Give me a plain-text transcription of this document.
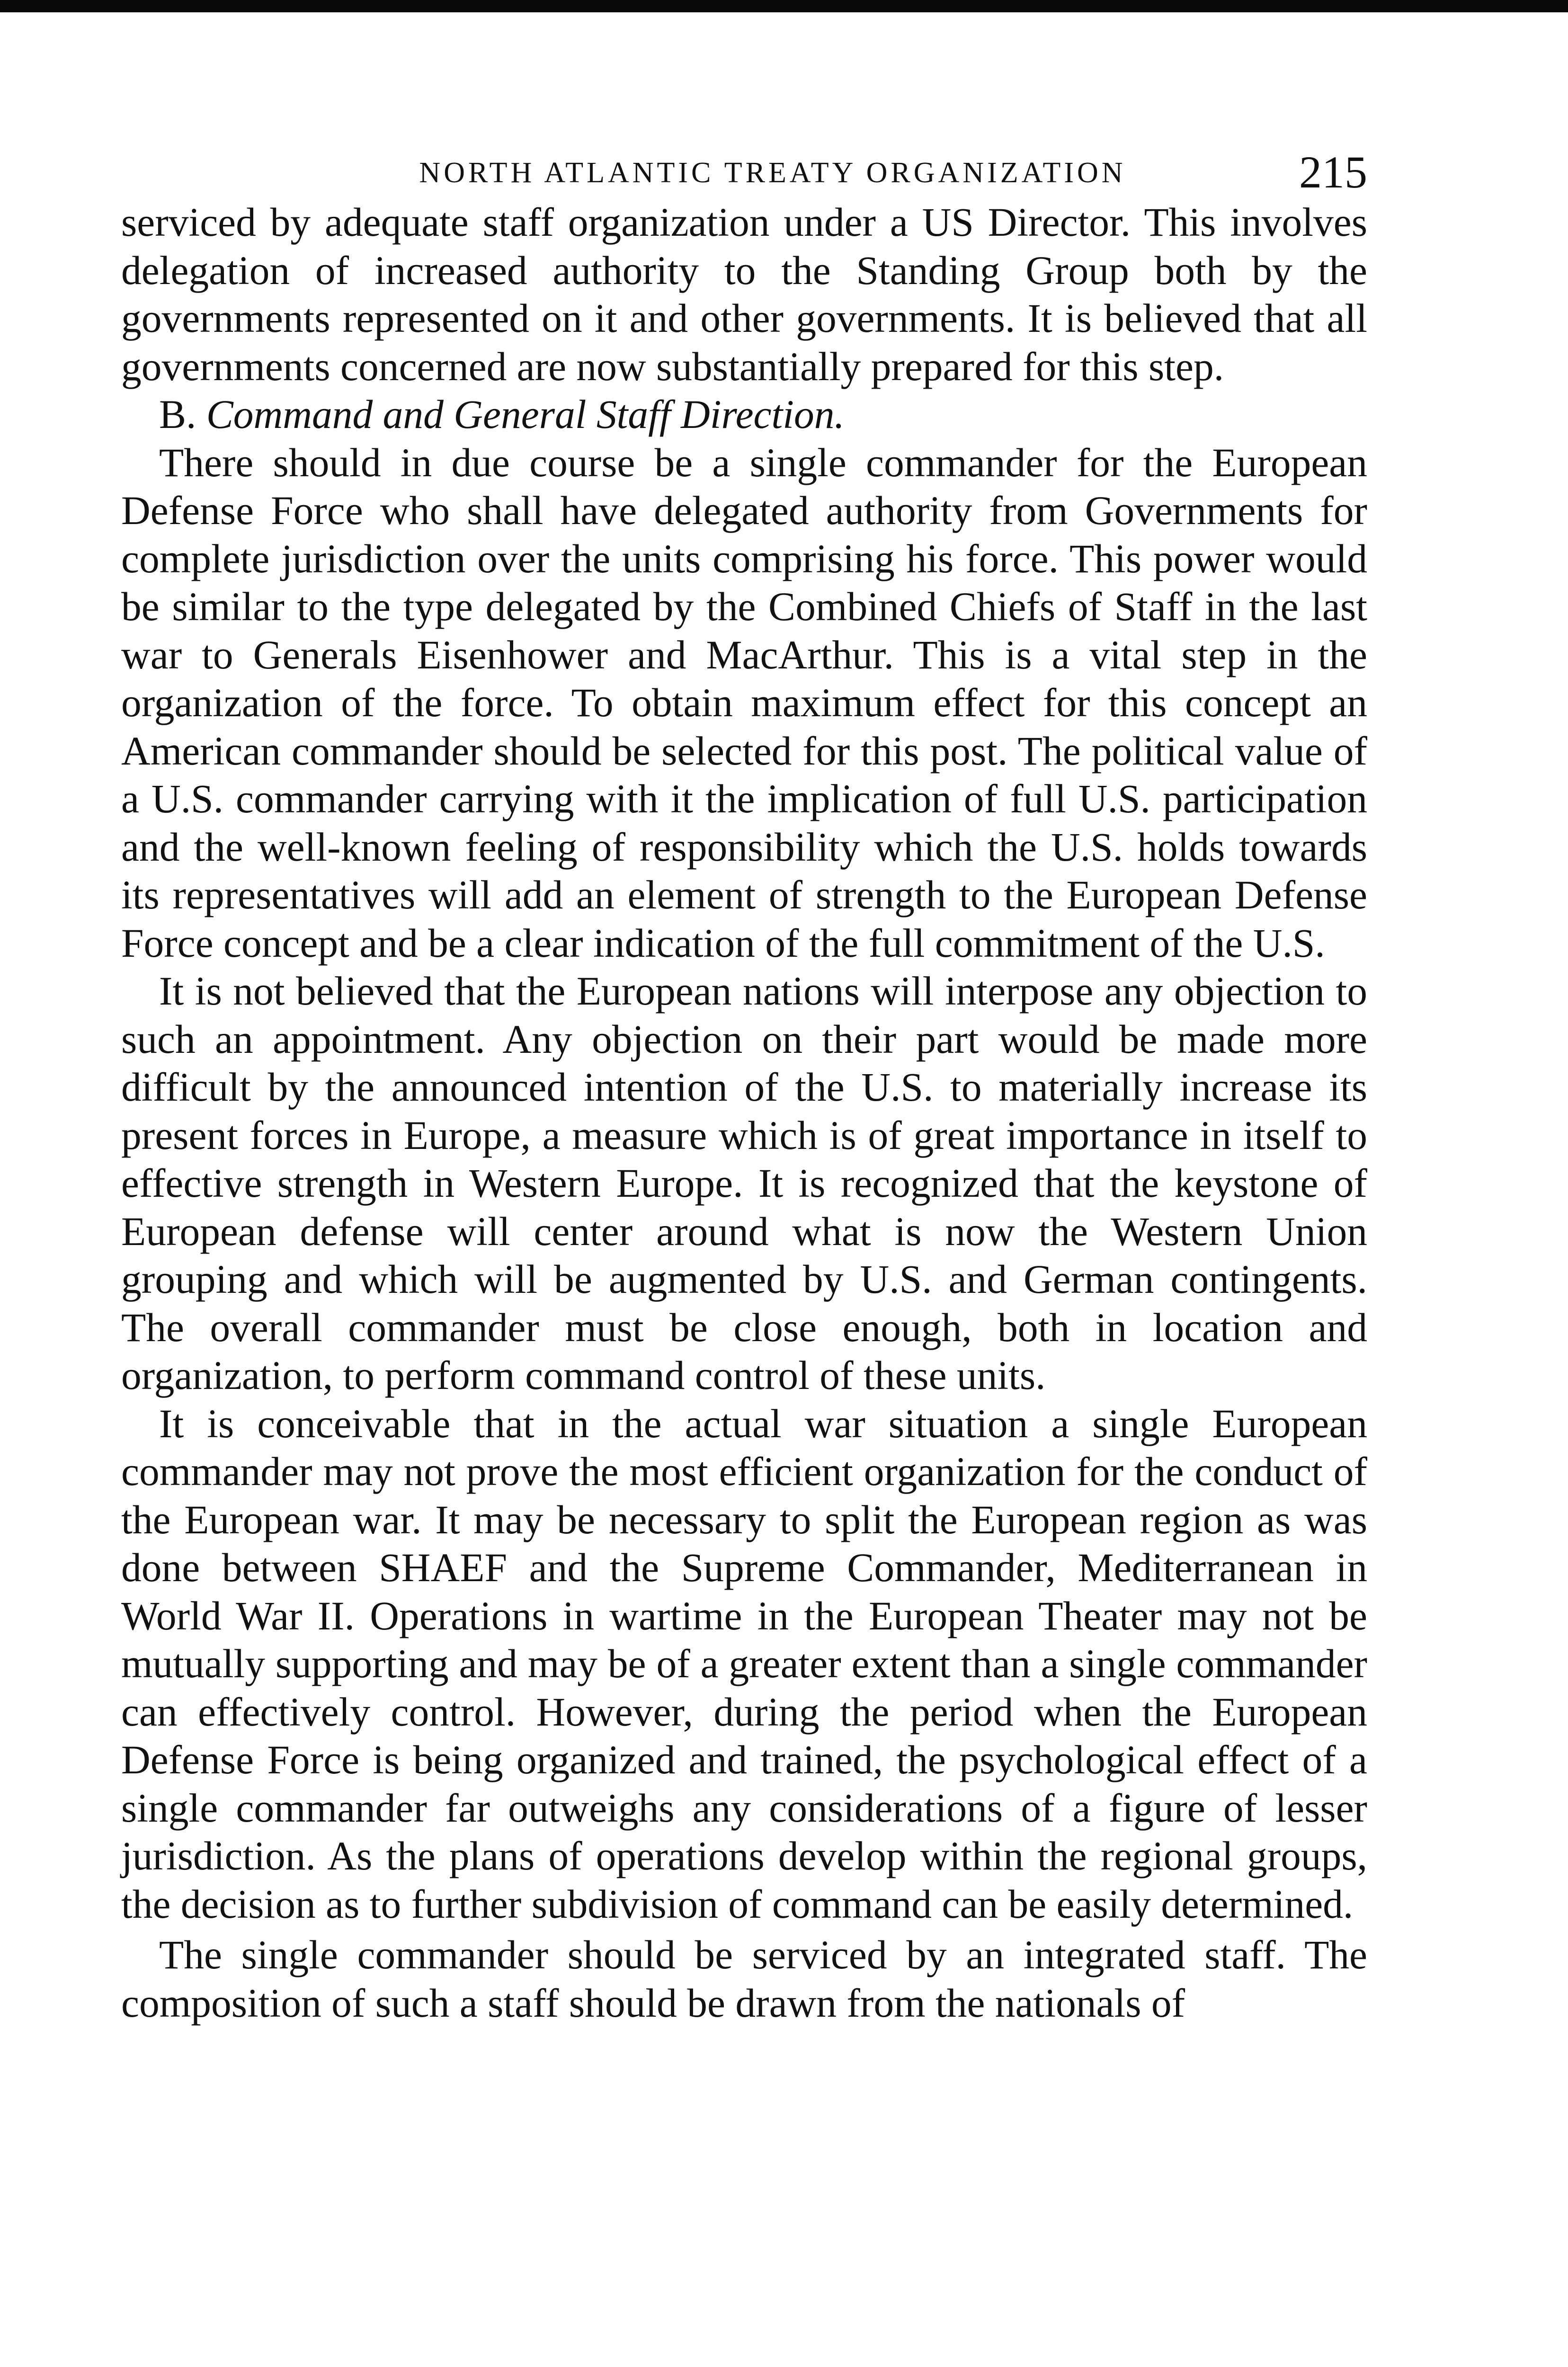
NORTH ATLANTIC TREATY ORGANIZATION	215

serviced by adequate staff organization under a US Director. This involves delegation of increased authority to the Standing Group both by the governments represented on it and other governments. It is believed that all governments concerned are now substantially prepared for this step.

B. Command and General Staff Direction.

There should in due course be a single commander for the European Defense Force who shall have delegated authority from Governments for complete jurisdiction over the units comprising his force. This power would be similar to the type delegated by the Combined Chiefs of Staff in the last war to Generals Eisenhower and MacArthur. This is a vital step in the organization of the force. To obtain maximum effect for this concept an American commander should be selected for this post. The political value of a U.S. commander carrying with it the implication of full U.S. participation and the well-known feeling of responsibility which the U.S. holds towards its representatives will add an element of strength to the European Defense Force concept and be a clear indication of the full commitment of the U.S.

It is not believed that the European nations will interpose any objection to such an appointment. Any objection on their part would be made more difficult by the announced intention of the U.S. to materially increase its present forces in Europe, a measure which is of great importance in itself to effective strength in Western Europe. It is recognized that the keystone of European defense will center around what is now the Western Union grouping and which will be augmented by U.S. and German contingents. The overall commander must be close enough, both in location and organization, to perform command control of these units.

It is conceivable that in the actual war situation a single European commander may not prove the most efficient organization for the conduct of the European war. It may be necessary to split the European region as was done between SHAEF and the Supreme Commander, Mediterranean in World War II. Operations in wartime in the European Theater may not be mutually supporting and may be of a greater extent than a single commander can effectively control. However, during the period when the European Defense Force is being organized and trained, the psychological effect of a single commander far outweighs any considerations of a figure of lesser jurisdiction. As the plans of operations develop within the regional groups, the decision as to further subdivision of command can be easily determined.

The single commander should be serviced by an integrated staff. The composition of such a staff should be drawn from the nationals of
